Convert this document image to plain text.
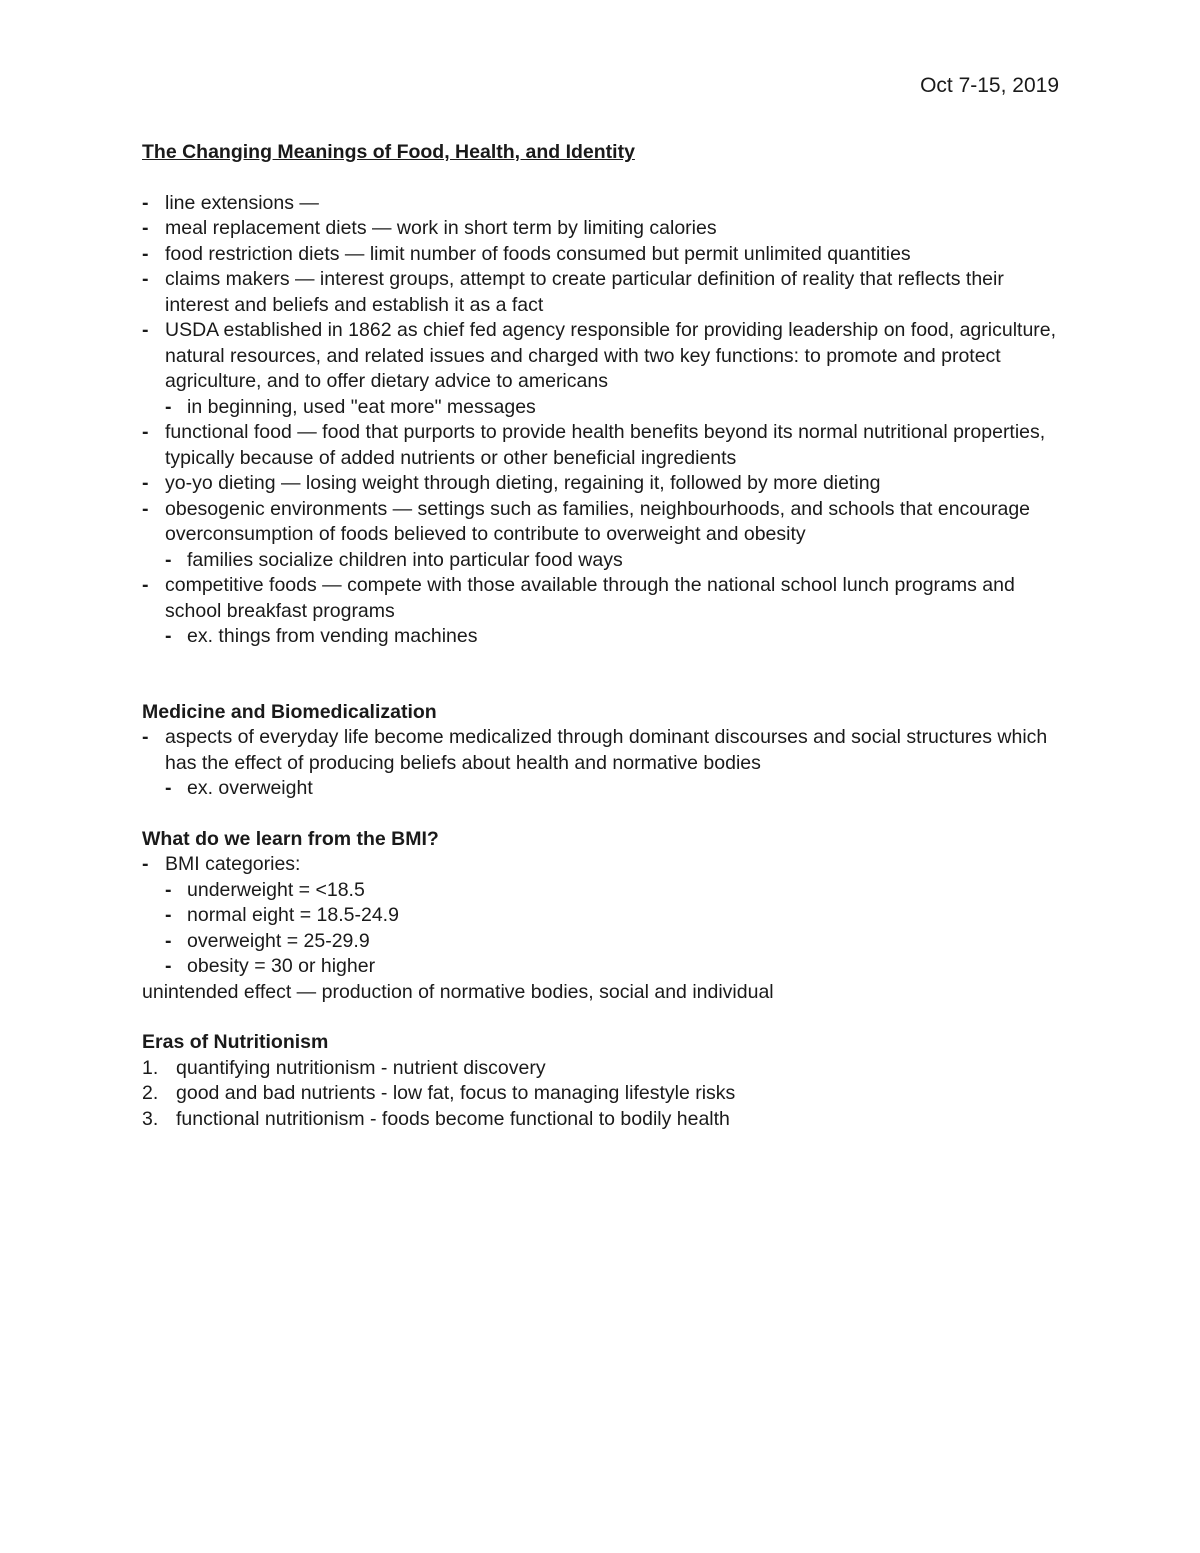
Oct 7-15, 2019
The Changing Meanings of Food, Health, and Identity
- line extensions —
- meal replacement diets — work in short term by limiting calories
- food restriction diets — limit number of foods consumed but permit unlimited quantities
- claims makers — interest groups, attempt to create particular definition of reality that reflects their interest and beliefs and establish it as a fact
- USDA established in 1862 as chief fed agency responsible for providing leadership on food, agriculture, natural resources, and related issues and charged with two key functions: to promote and protect agriculture, and to offer dietary advice to americans
- in beginning, used "eat more" messages
- functional food — food that purports to provide health benefits beyond its normal nutritional properties, typically because of added nutrients or other beneficial ingredients
- yo-yo dieting — losing weight through dieting, regaining it, followed by more dieting
- obesogenic environments — settings such as families, neighbourhoods, and schools that encourage overconsumption of foods believed to contribute to overweight and obesity
- families socialize children into particular food ways
- competitive foods — compete with those available through the national school lunch programs and school breakfast programs
- ex. things from vending machines
Medicine and Biomedicalization
- aspects of everyday life become medicalized through dominant discourses and social structures which has the effect of producing beliefs about health and normative bodies
- ex. overweight
What do we learn from the BMI?
- BMI categories:
- underweight = <18.5
- normal eight = 18.5-24.9
- overweight = 25-29.9
- obesity = 30 or higher

unintended effect — production of normative bodies, social and individual

Eras of Nutritionism
1. quantifying nutritionism - nutrient discovery
2. good and bad nutrients - low fat, focus to managing lifestyle risks
3. functional nutritionism - foods become functional to bodily health
